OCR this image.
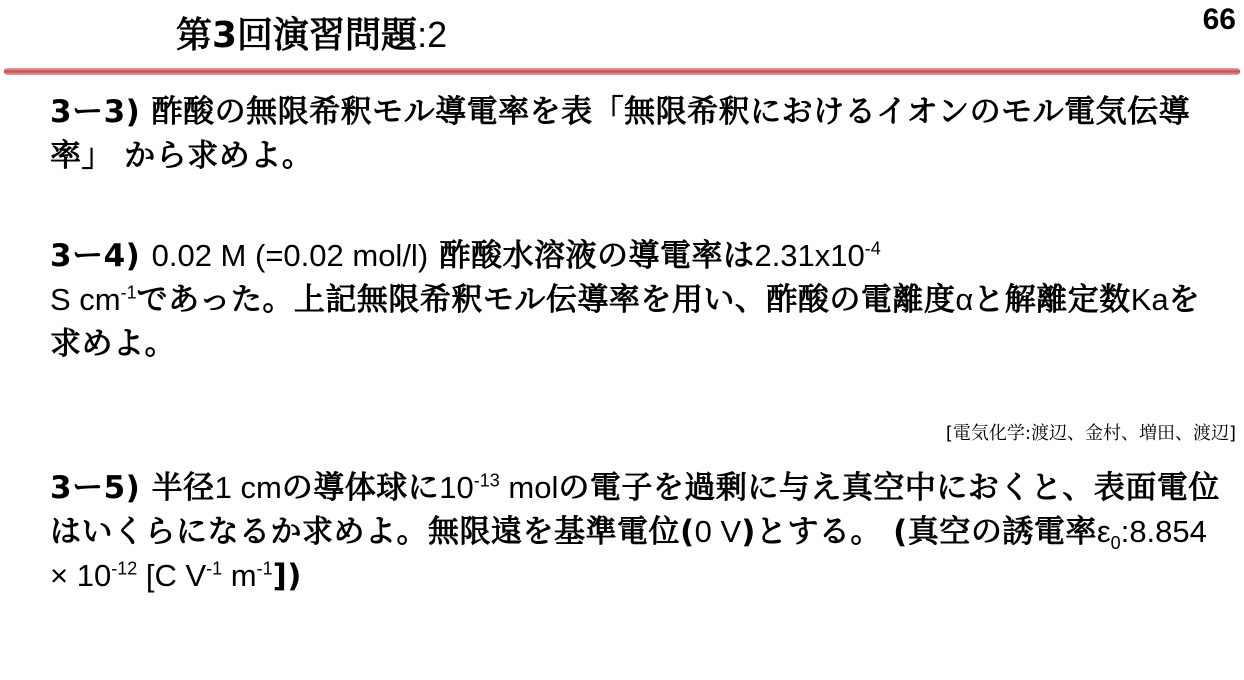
第3回演習問題:2	66
3ー3) 酢酸の無限希釈モル導電率を表「無限希釈におけるイオンのモル電気伝導率」 から求めよ。
3ー4) 0.02 M (=0.02 mol/l) 酢酸水溶液の導電率は$2.31x10^{-4}$
S $cm^{-1}$であった。上記無限希釈モル伝導率を用い、酢酸の電離度αと解離定数Kaを求めよ。
[電気化学:渡辺、金村、増田、渡辺]
3ー5) 半径1 cmの導体球に$10^{-13}$ molの電子を過剰に与え真空中におくと、表面電位はいくらになるか求めよ。無限遠を基準電位(0 V)とする。 (真空の誘電率$\varepsilon_0:8.854 \times 10^{-12}$ [C $V^{-1}$ $m^{-1}$])
